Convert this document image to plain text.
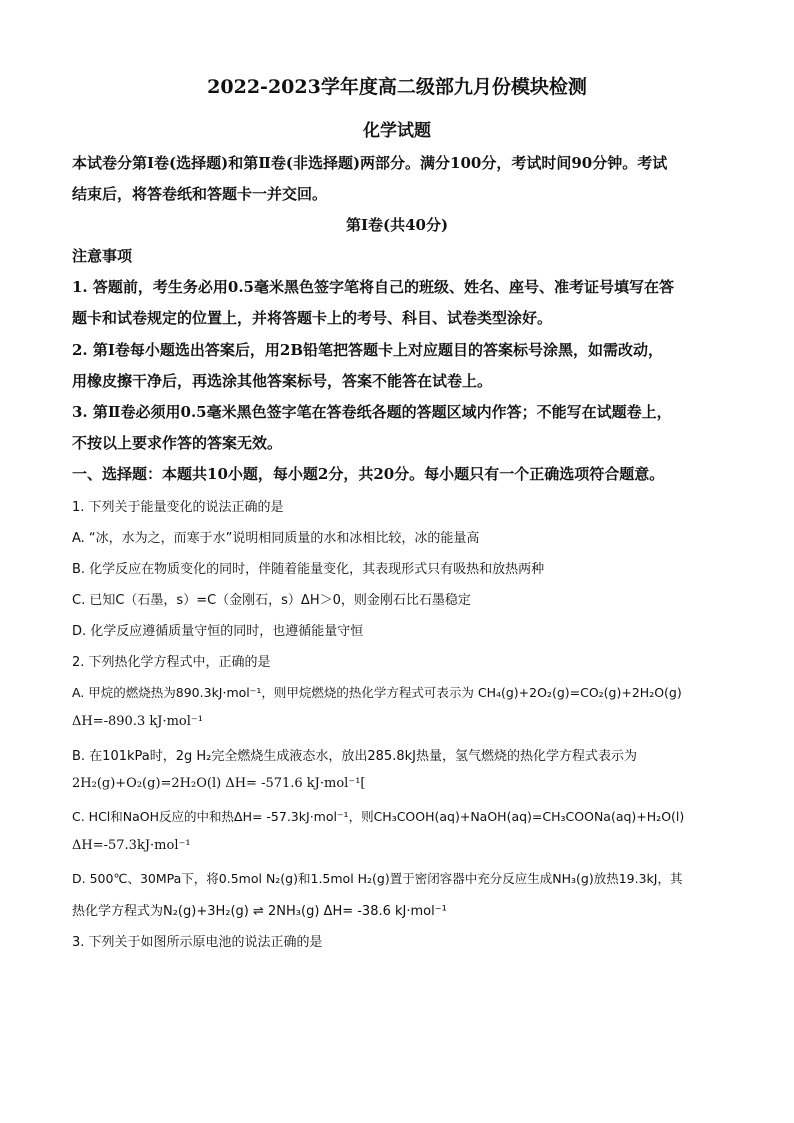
2022-2023学年度高二级部九月份模块检测
化学试题
本试卷分第Ⅰ卷(选择题)和第Ⅱ卷(非选择题)两部分。满分100分，考试时间90分钟。考试
结束后，将答卷纸和答题卡一并交回。
第Ⅰ卷(共40分)
注意事项
1. 答题前，考生务必用0.5毫米黑色签字笔将自己的班级、姓名、座号、准考证号填写在答
题卡和试卷规定的位置上，并将答题卡上的考号、科目、试卷类型涂好。
2. 第Ⅰ卷每小题选出答案后，用2B铅笔把答题卡上对应题目的答案标号涂黑，如需改动，
用橡皮擦干净后，再选涂其他答案标号，答案不能答在试卷上。
3. 第Ⅱ卷必须用0.5毫米黑色签字笔在答卷纸各题的答题区域内作答；不能写在试题卷上，
不按以上要求作答的答案无效。
一、选择题：本题共10小题，每小题2分，共20分。每小题只有一个正确选项符合题意。
1. 下列关于能量变化的说法正确的是
A. “冰，水为之，而寒于水”说明相同质量的水和冰相比较，冰的能量高
B. 化学反应在物质变化的同时，伴随着能量变化，其表现形式只有吸热和放热两种
C. 已知C（石墨，s）=C（金刚石，s）ΔH＞0，则金刚石比石墨稳定
D. 化学反应遵循质量守恒的同时，也遵循能量守恒
2. 下列热化学方程式中，正确的是
A. 甲烷的燃烧热为890.3kJ·mol⁻¹，则甲烷燃烧的热化学方程式可表示为 CH₄(g)+2O₂(g)=CO₂(g)+2H₂O(g)
ΔH=-890.3 kJ·mol⁻¹
B. 在101kPa时，2g H₂完全燃烧生成液态水，放出285.8kJ热量，氢气燃烧的热化学方程式表示为
2H₂(g)+O₂(g)=2H₂O(l) ΔH= -571.6 kJ·mol⁻¹[
C. HCl和NaOH反应的中和热ΔH= -57.3kJ·mol⁻¹，则CH₃COOH(aq)+NaOH(aq)=CH₃COONa(aq)+H₂O(l)
ΔH=-57.3kJ·mol⁻¹
D. 500℃、30MPa下，将0.5mol N₂(g)和1.5mol H₂(g)置于密闭容器中充分反应生成NH₃(g)放热19.3kJ，其
热化学方程式为N₂(g)+3H₂(g) ⇌ 2NH₃(g) ΔH= -38.6 kJ·mol⁻¹
3. 下列关于如图所示原电池的说法正确的是
